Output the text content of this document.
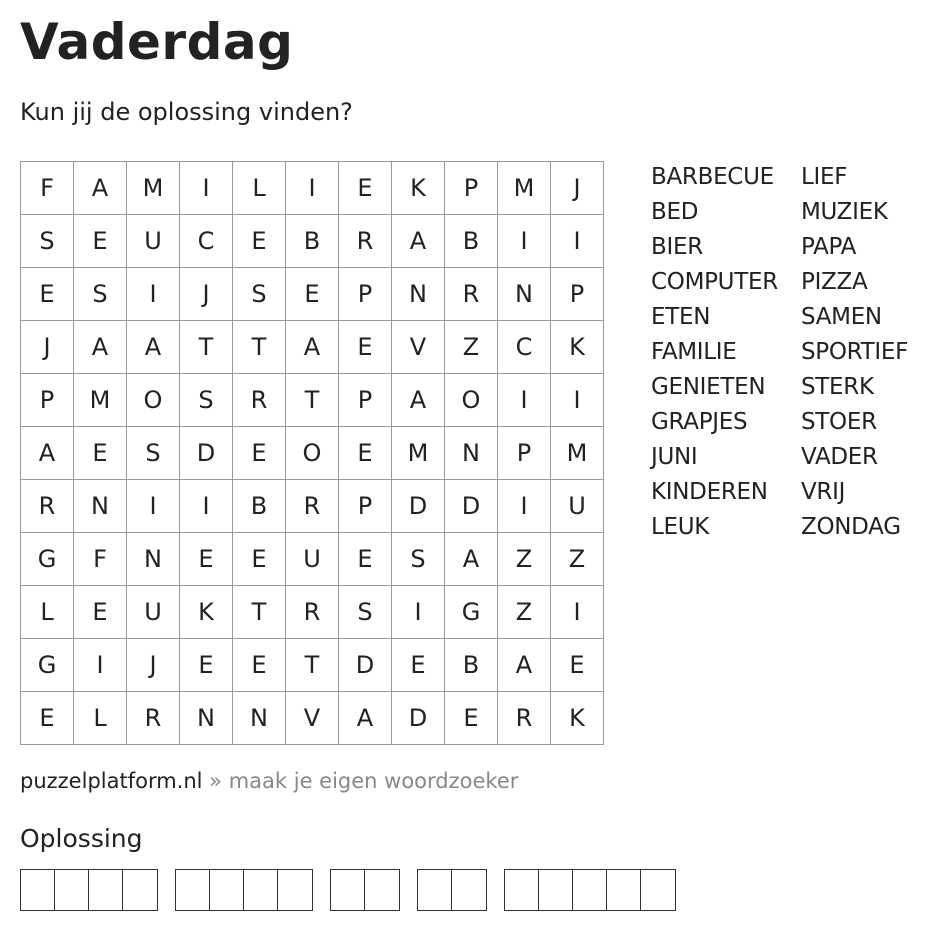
Vaderdag
Kun jij de oplossing vinden?
F	A	M	I	L	I	E	K	P	M	J
S	E	U	C	E	B	R	A	B	I	I
E	S	I	J	S	E	P	N	R	N	P
J	A	A	T	T	A	E	V	Z	C	K
P	M	O	S	R	T	P	A	O	I	I
A	E	S	D	E	O	E	M	N	P	M
R	N	I	I	B	R	P	D	D	I	U
G	F	N	E	E	U	E	S	A	Z	Z
L	E	U	K	T	R	S	I	G	Z	I
G	I	J	E	E	T	D	E	B	A	E
E	L	R	N	N	V	A	D	E	R	K
BARBECUE
BED
BIER
COMPUTER
ETEN
FAMILIE
GENIETEN
GRAPJES
JUNI
KINDEREN
LEUK
LIEF
MUZIEK
PAPA
PIZZA
SAMEN
SPORTIEF
STERK
STOER
VADER
VRIJ
ZONDAG
puzzelplatform.nl » maak je eigen woordzoeker
Oplossing
